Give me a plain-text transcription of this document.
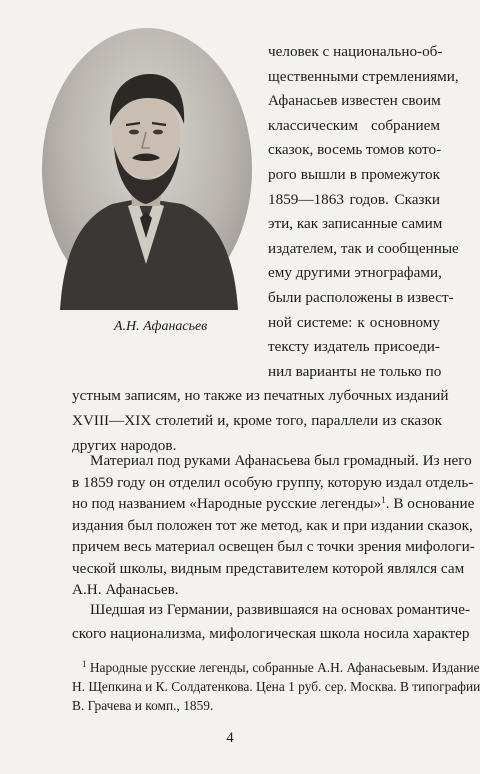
А.Н. Афанасьев
человек с национально-об-
щественными стремлениями,
Афанасьев известен своим
классическим собранием
сказок, восемь томов кото-
рого вышли в промежуток
1859—1863 годов. Сказки
эти, как записанные самим
издателем, так и сообщенные
ему другими этнографами,
были расположены в извест-
ной системе: к основному
тексту издатель присоеди-
нил варианты не только по
устным записям, но также из печатных лубочных изданий
XVIII—XIX столетий и, кроме того, параллели из сказок
других народов.
Материал под руками Афанасьева был громадный. Из него
в 1859 году он отделил особую группу, которую издал отдель-
но под названием «Народные русские легенды»$^1$. В основание
издания был положен тот же метод, как и при издании сказок,
причем весь материал освещен был с точки зрения мифологи-
ческой школы, видным представителем которой являлся сам
А.Н. Афанасьев.
$^1$ Народные русские легенды, собранные А.Н. Афанасьевым. Издание
Н. Щепкина и К. Солдатенкова. Цена 1 руб. сер. Москва. В типографии
В. Грачева и комп., 1859.
4
Шедшая из Германии, развившаяся на основах романтиче-
ского национализма, мифологическая школа носила характер
